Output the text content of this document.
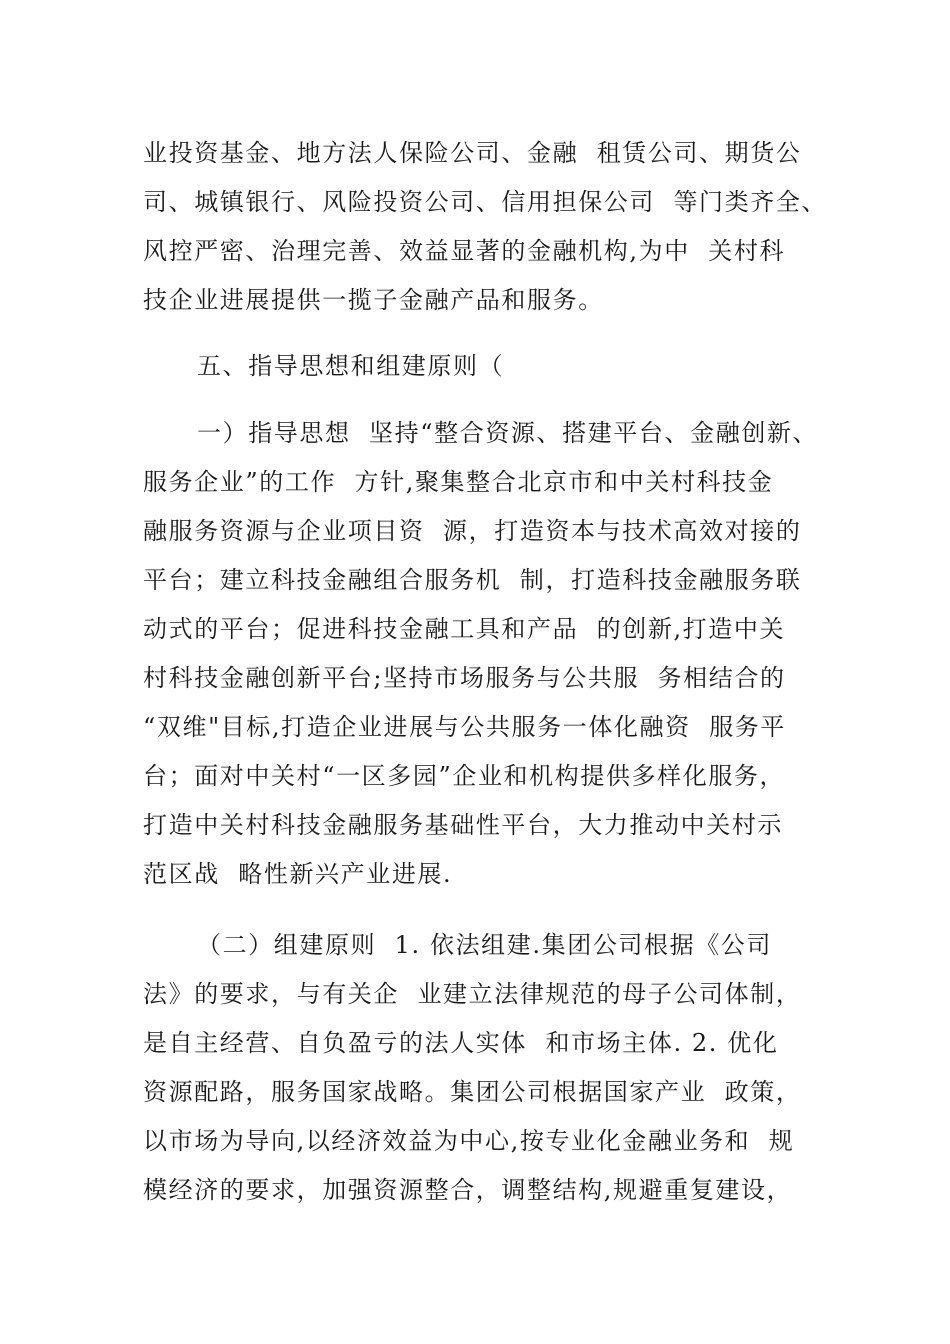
业投资基金、地方法人保险公司、金融  租赁公司、期货公

司、城镇银行、风险投资公司、信用担保公司  等门类齐全、

风控严密、治理完善、效益显著的金融机构,为中  关村科

技企业进展提供一揽子金融产品和服务。

五、指导思想和组建原则（

一）指导思想  坚持“整合资源、搭建平台、金融创新、

服务企业”的工作  方针,聚集整合北京市和中关村科技金

融服务资源与企业项目资  源，打造资本与技术高效对接的

平台；建立科技金融组合服务机  制，打造科技金融服务联

动式的平台；促进科技金融工具和产品  的创新,打造中关

村科技金融创新平台;坚持市场服务与公共服  务相结合的

“双维"目标,打造企业进展与公共服务一体化融资  服务平

台；面对中关村“一区多园”企业和机构提供多样化服务，

打造中关村科技金融服务基础性平台，大力推动中关村示

范区战  略性新兴产业进展.

（二）组建原则  1. 依法组建.集团公司根据《公司

法》的要求，与有关企  业建立法律规范的母子公司体制，

是自主经营、自负盈亏的法人实体  和市场主体. 2. 优化

资源配路，服务国家战略。集团公司根据国家产业  政策，

以市场为导向,以经济效益为中心,按专业化金融业务和  规

模经济的要求，加强资源整合，调整结构,规避重复建设，
